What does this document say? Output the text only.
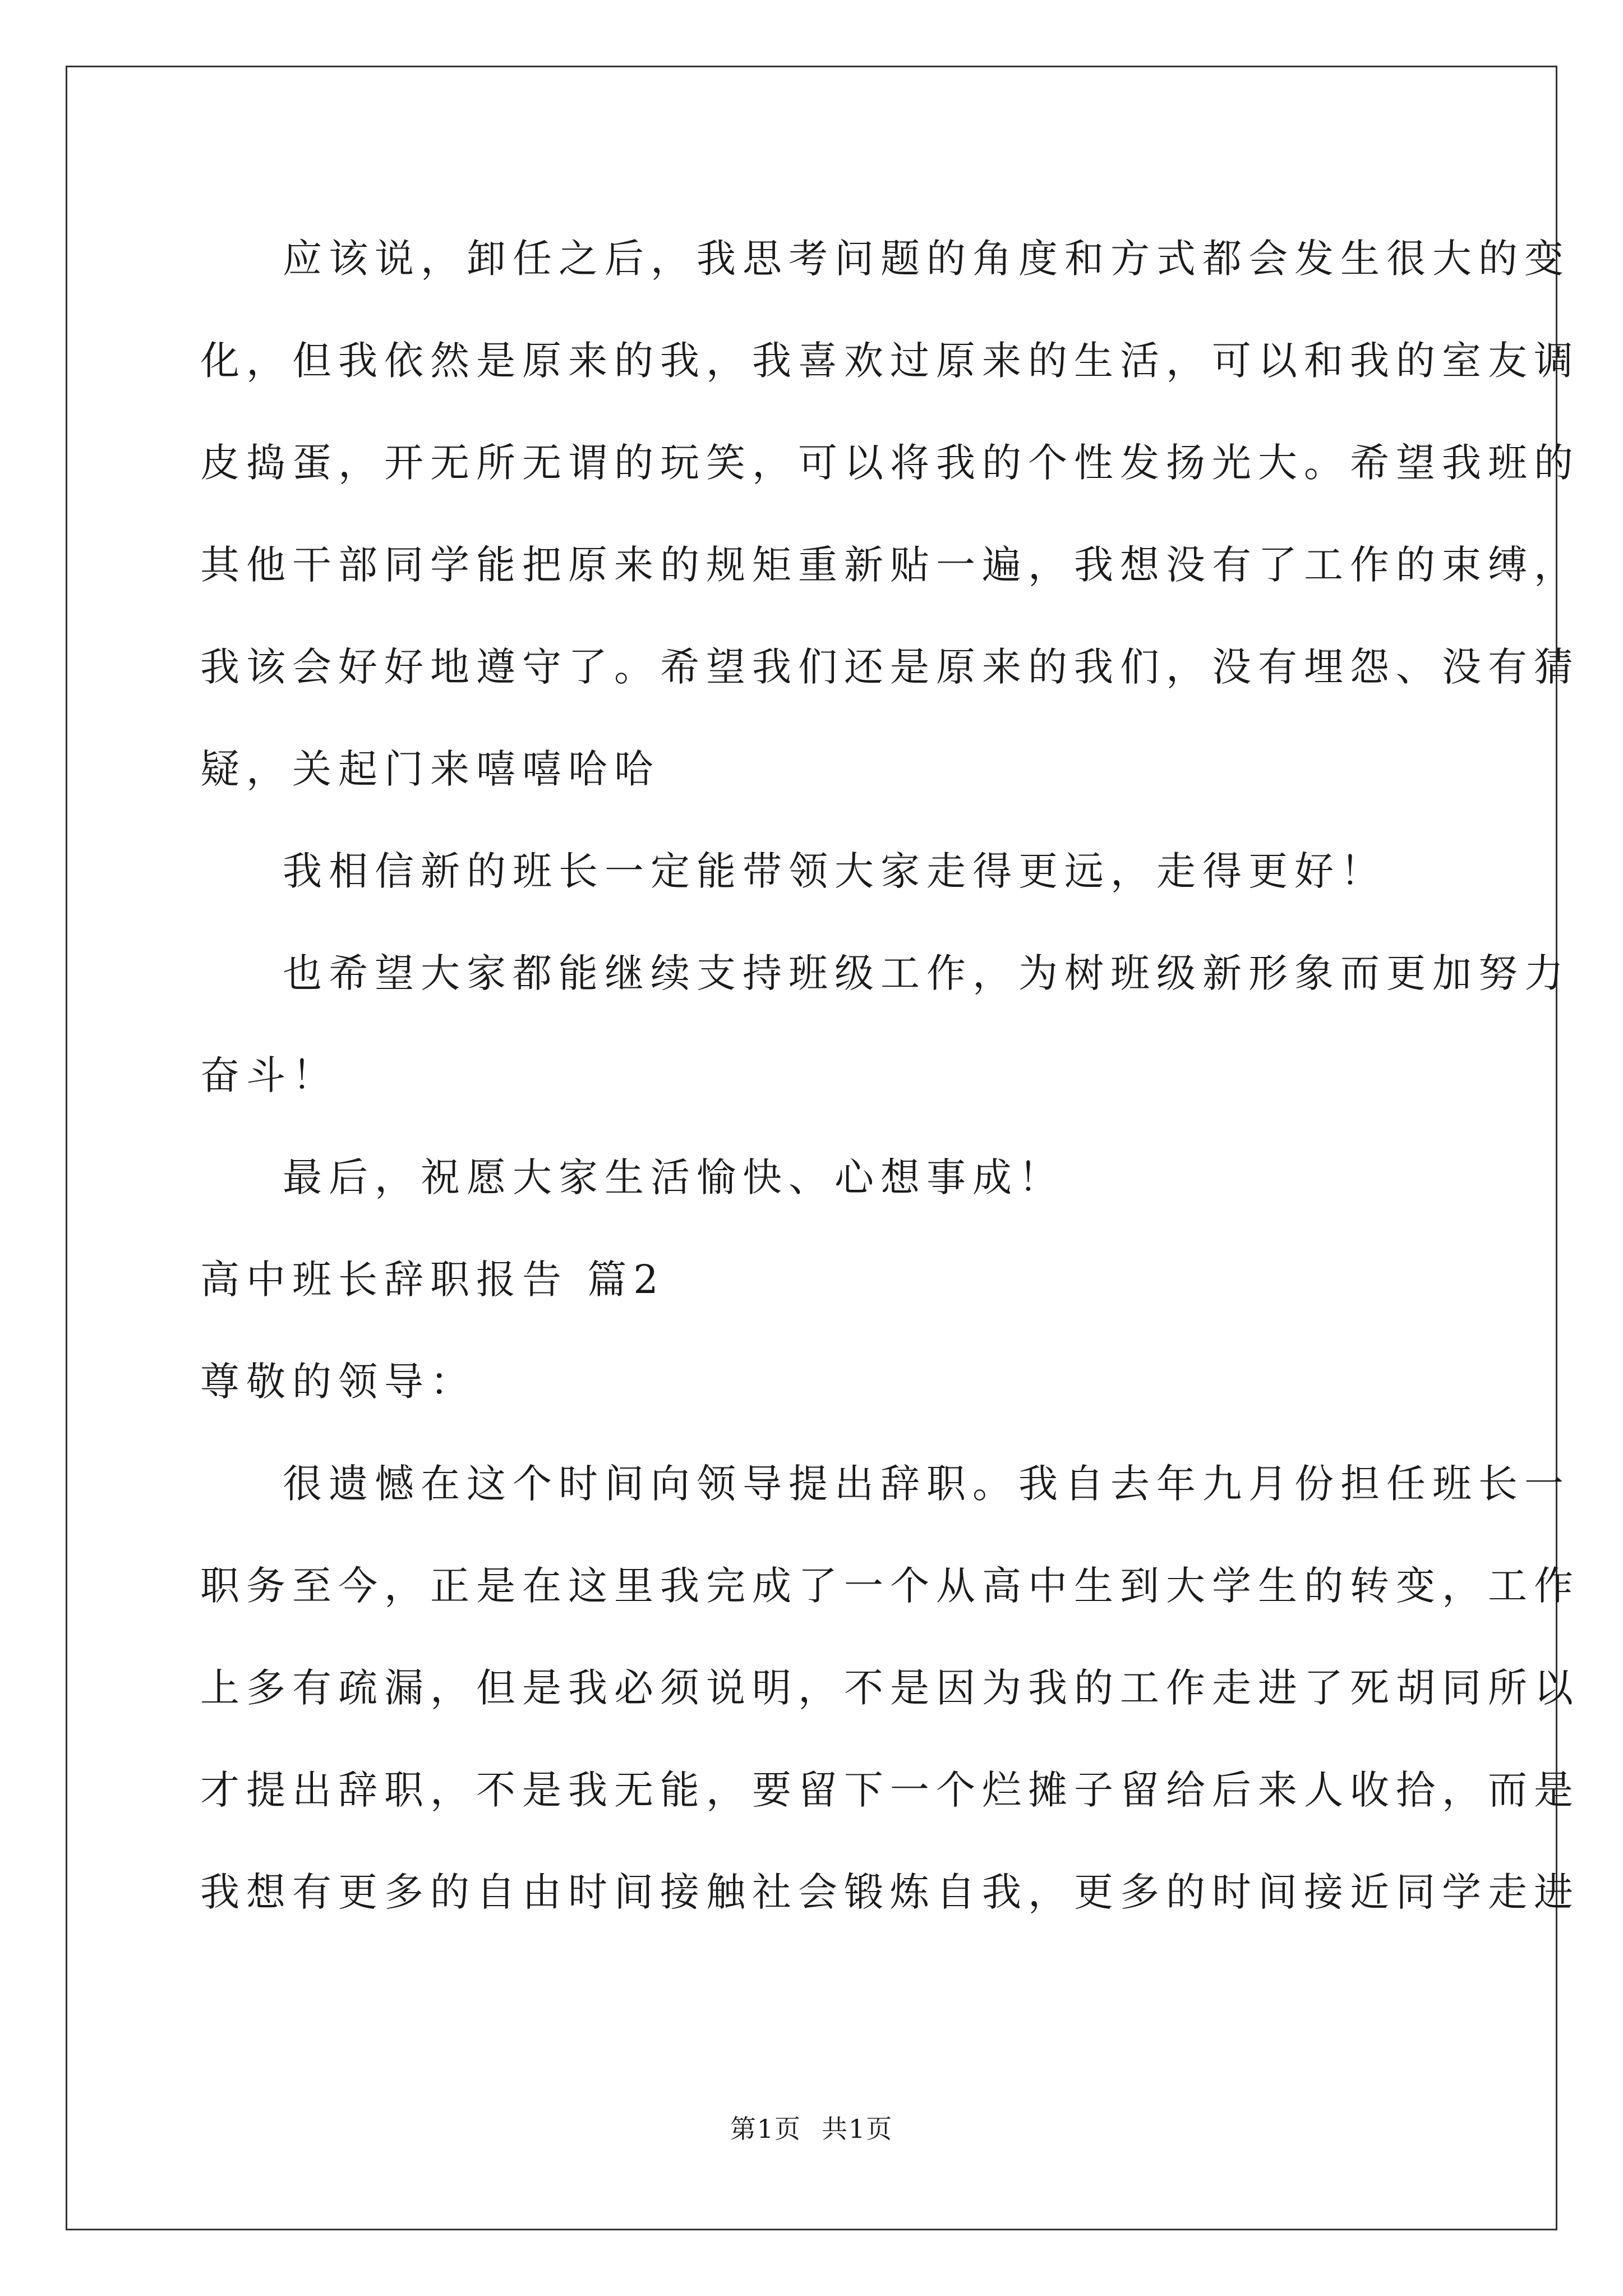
应该说，卸任之后，我思考问题的角度和方式都会发生很大的变
化，但我依然是原来的我，我喜欢过原来的生活，可以和我的室友调
皮捣蛋，开无所无谓的玩笑，可以将我的个性发扬光大。希望我班的
其他干部同学能把原来的规矩重新贴一遍，我想没有了工作的束缚，
我该会好好地遵守了。希望我们还是原来的我们，没有埋怨、没有猜
疑，关起门来嘻嘻哈哈
我相信新的班长一定能带领大家走得更远，走得更好！
也希望大家都能继续支持班级工作，为树班级新形象而更加努力
奋斗！
最后，祝愿大家生活愉快、心想事成！
高中班长辞职报告 篇2
尊敬的领导：
很遗憾在这个时间向领导提出辞职。我自去年九月份担任班长一
职务至今，正是在这里我完成了一个从高中生到大学生的转变，工作
上多有疏漏，但是我必须说明，不是因为我的工作走进了死胡同所以
才提出辞职，不是我无能，要留下一个烂摊子留给后来人收拾，而是
我想有更多的自由时间接触社会锻炼自我，更多的时间接近同学走进
第1页 共1页
